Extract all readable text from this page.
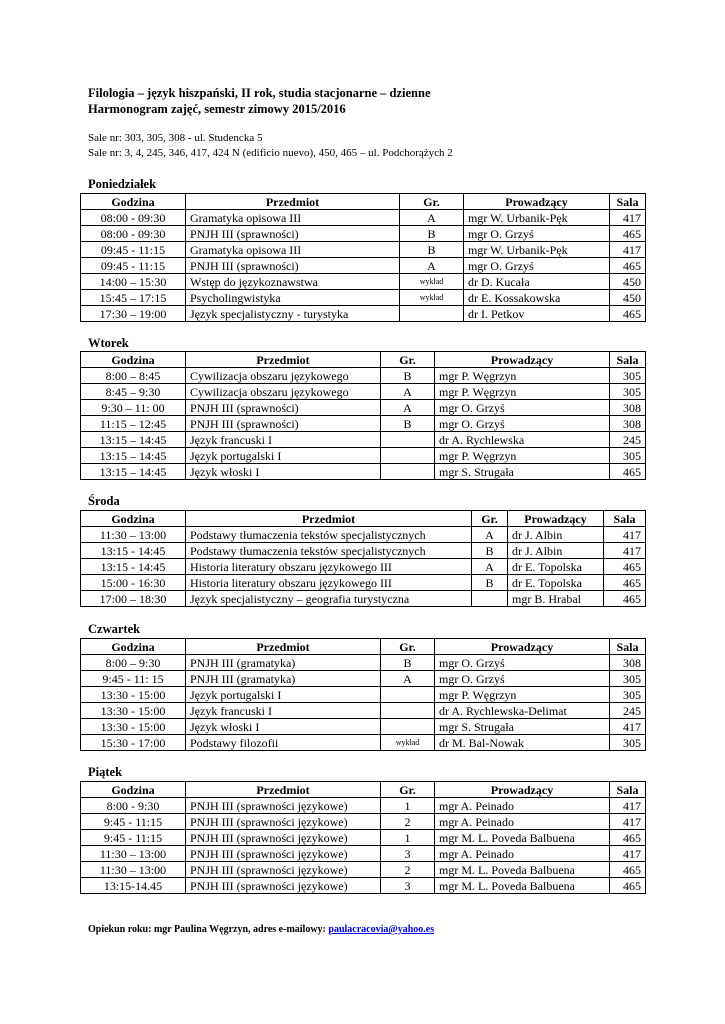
Filologia – język hiszpański, II rok, studia stacjonarne – dzienne
Harmonogram zajęć, semestr zimowy 2015/2016
Sale nr: 303, 305, 308 - ul. Studencka 5
Sale nr: 3, 4, 245, 346, 417, 424 N (edificio nuevo), 450, 465 – ul. Podchorążych 2
Poniedziałek
Godzina	Przedmiot	Gr.	Prowadzący	Sala
08:00 - 09:30	Gramatyka opisowa III	A	mgr W. Urbanik-Pęk	417
08:00 - 09:30	PNJH III (sprawności)	B	mgr O. Grzyś	465
09:45 - 11:15	Gramatyka opisowa III	B	mgr W. Urbanik-Pęk	417
09:45 - 11:15	PNJH III (sprawności)	A	mgr O. Grzyś	465
14:00 – 15:30	Wstęp do językoznawstwa	wykład	dr D. Kucała	450
15:45 – 17:15	Psycholingwistyka	wykład	dr E. Kossakowska	450
17:30 – 19:00	Język specjalistyczny - turystyka		dr I. Petkov	465
Wtorek
Godzina	Przedmiot	Gr.	Prowadzący	Sala
8:00 – 8:45	Cywilizacja obszaru językowego	B	mgr P. Węgrzyn	305
8:45 – 9:30	Cywilizacja obszaru językowego	A	mgr P. Węgrzyn	305
9:30 – 11: 00	PNJH III (sprawności)	A	mgr O. Grzyś	308
11:15 – 12:45	PNJH III (sprawności)	B	mgr O. Grzyś	308
13:15 – 14:45	Język francuski I		dr A. Rychlewska	245
13:15 – 14:45	Język portugalski I		mgr P. Węgrzyn	305
13:15 – 14:45	Język włoski I		mgr S. Strugała	465
Środa
Godzina	Przedmiot	Gr.	Prowadzący	Sala
11:30 – 13:00	Podstawy tłumaczenia tekstów specjalistycznych	A	dr J. Albin	417
13:15 - 14:45	Podstawy tłumaczenia tekstów specjalistycznych	B	dr J. Albin	417
13:15 - 14:45	Historia literatury obszaru językowego III	A	dr E. Topolska	465
15:00 - 16:30	Historia literatury obszaru językowego III	B	dr E. Topolska	465
17:00 – 18:30	Język specjalistyczny – geografia turystyczna		mgr B. Hrabal	465
Czwartek
Godzina	Przedmiot	Gr.	Prowadzący	Sala
8:00 – 9:30	PNJH III (gramatyka)	B	mgr O. Grzyś	308
9:45 - 11: 15	PNJH III (gramatyka)	A	mgr O. Grzyś	305
13:30 - 15:00	Język portugalski I		mgr P. Węgrzyn	305
13:30 - 15:00	Język francuski I		dr A. Rychlewska-Delimat	245
13:30 - 15:00	Język włoski I		mgr S. Strugała	417
15:30 - 17:00	Podstawy filozofii	wykład	dr M. Bal-Nowak	305
Piątek
Godzina	Przedmiot	Gr.	Prowadzący	Sala
8:00 - 9:30	PNJH III (sprawności językowe)	1	mgr A. Peinado	417
9:45 - 11:15	PNJH III (sprawności językowe)	2	mgr A. Peinado	417
9:45 - 11:15	PNJH III (sprawności językowe)	1	mgr M. L. Poveda Balbuena	465
11:30 – 13:00	PNJH III (sprawności językowe)	3	mgr A. Peinado	417
11:30 – 13:00	PNJH III (sprawności językowe)	2	mgr M. L. Poveda Balbuena	465
13:15-14.45	PNJH III (sprawności językowe)	3	mgr M. L. Poveda Balbuena	465
Opiekun roku: mgr Paulina Węgrzyn, adres e-mailowy: paulacracovia@yahoo.es
